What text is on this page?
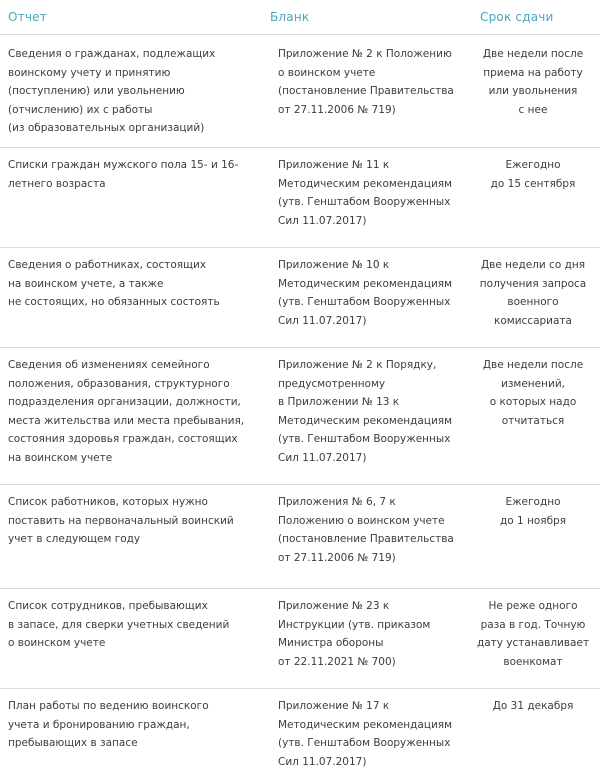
Отчет	Бланк	Срок сдачи
Сведения о гражданах, подлежащих
воинскому учету и принятию
(поступлению) или увольнению
(отчислению) их с работы
(из образовательных организаций)
Приложение № 2 к Положению
о воинском учете
(постановление Правительства
от 27.11.2006 № 719)
Две недели после
приема на работу
или увольнения
с нее
Списки граждан мужского пола 15- и 16-
летнего возраста
Приложение № 11 к
Методическим рекомендациям
(утв. Генштабом Вооруженных
Сил 11.07.2017)
Ежегодно
до 15 сентября
Сведения о работниках, состоящих
на воинском учете, а также
не состоящих, но обязанных состоять
Приложение № 10 к
Методическим рекомендациям
(утв. Генштабом Вооруженных
Сил 11.07.2017)
Две недели со дня
получения запроса
военного
комиссариата
Сведения об изменениях семейного
положения, образования, структурного
подразделения организации, должности,
места жительства или места пребывания,
состояния здоровья граждан, состоящих
на воинском учете
Приложение № 2 к Порядку,
предусмотренному
в Приложении № 13 к
Методическим рекомендациям
(утв. Генштабом Вооруженных
Сил 11.07.2017)
Две недели после
изменений,
о которых надо
отчитаться
Список работников, которых нужно
поставить на первоначальный воинский
учет в следующем году
Приложения № 6, 7 к
Положению о воинском учете
(постановление Правительства
от 27.11.2006 № 719)
Ежегодно
до 1 ноября
Список сотрудников, пребывающих
в запасе, для сверки учетных сведений
о воинском учете
Приложение № 23 к
Инструкции (утв. приказом
Министра обороны
от 22.11.2021 № 700)
Не реже одного
раза в год. Точную
дату устанавливает
военкомат
План работы по ведению воинского
учета и бронированию граждан,
пребывающих в запасе
Приложение № 17 к
Методическим рекомендациям
(утв. Генштабом Вооруженных
Сил 11.07.2017)
До 31 декабря
